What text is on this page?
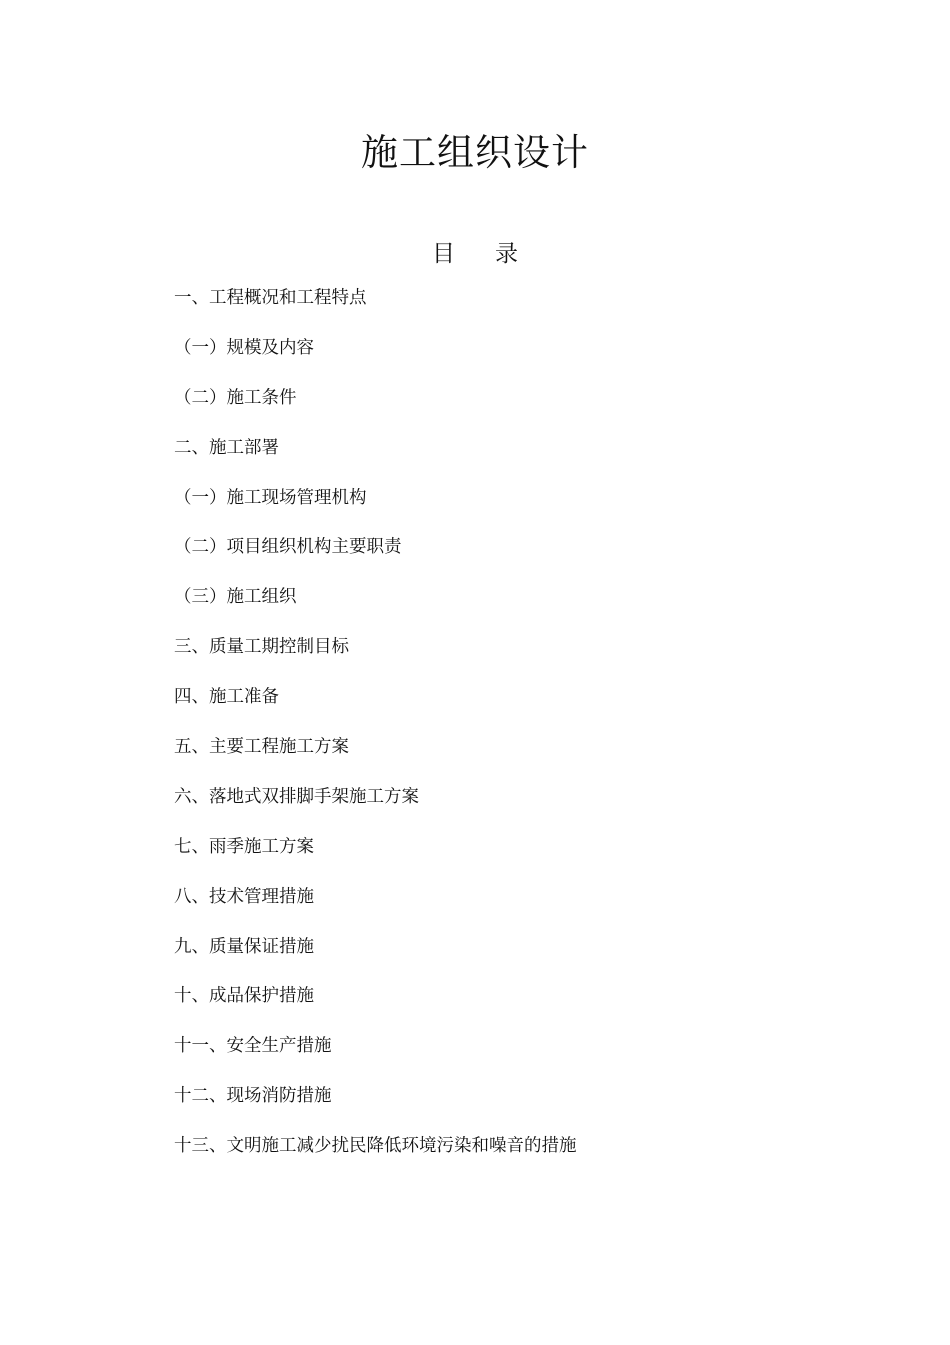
施工组织设计
目 录
一、工程概况和工程特点
（一）规模及内容
（二）施工条件
二、施工部署
（一）施工现场管理机构
（二）项目组织机构主要职责
（三）施工组织
三、质量工期控制目标
四、施工准备
五、主要工程施工方案
六、落地式双排脚手架施工方案
七、雨季施工方案
八、技术管理措施
九、质量保证措施
十、成品保护措施
十一、安全生产措施
十二、现场消防措施
十三、文明施工减少扰民降低环境污染和噪音的措施
